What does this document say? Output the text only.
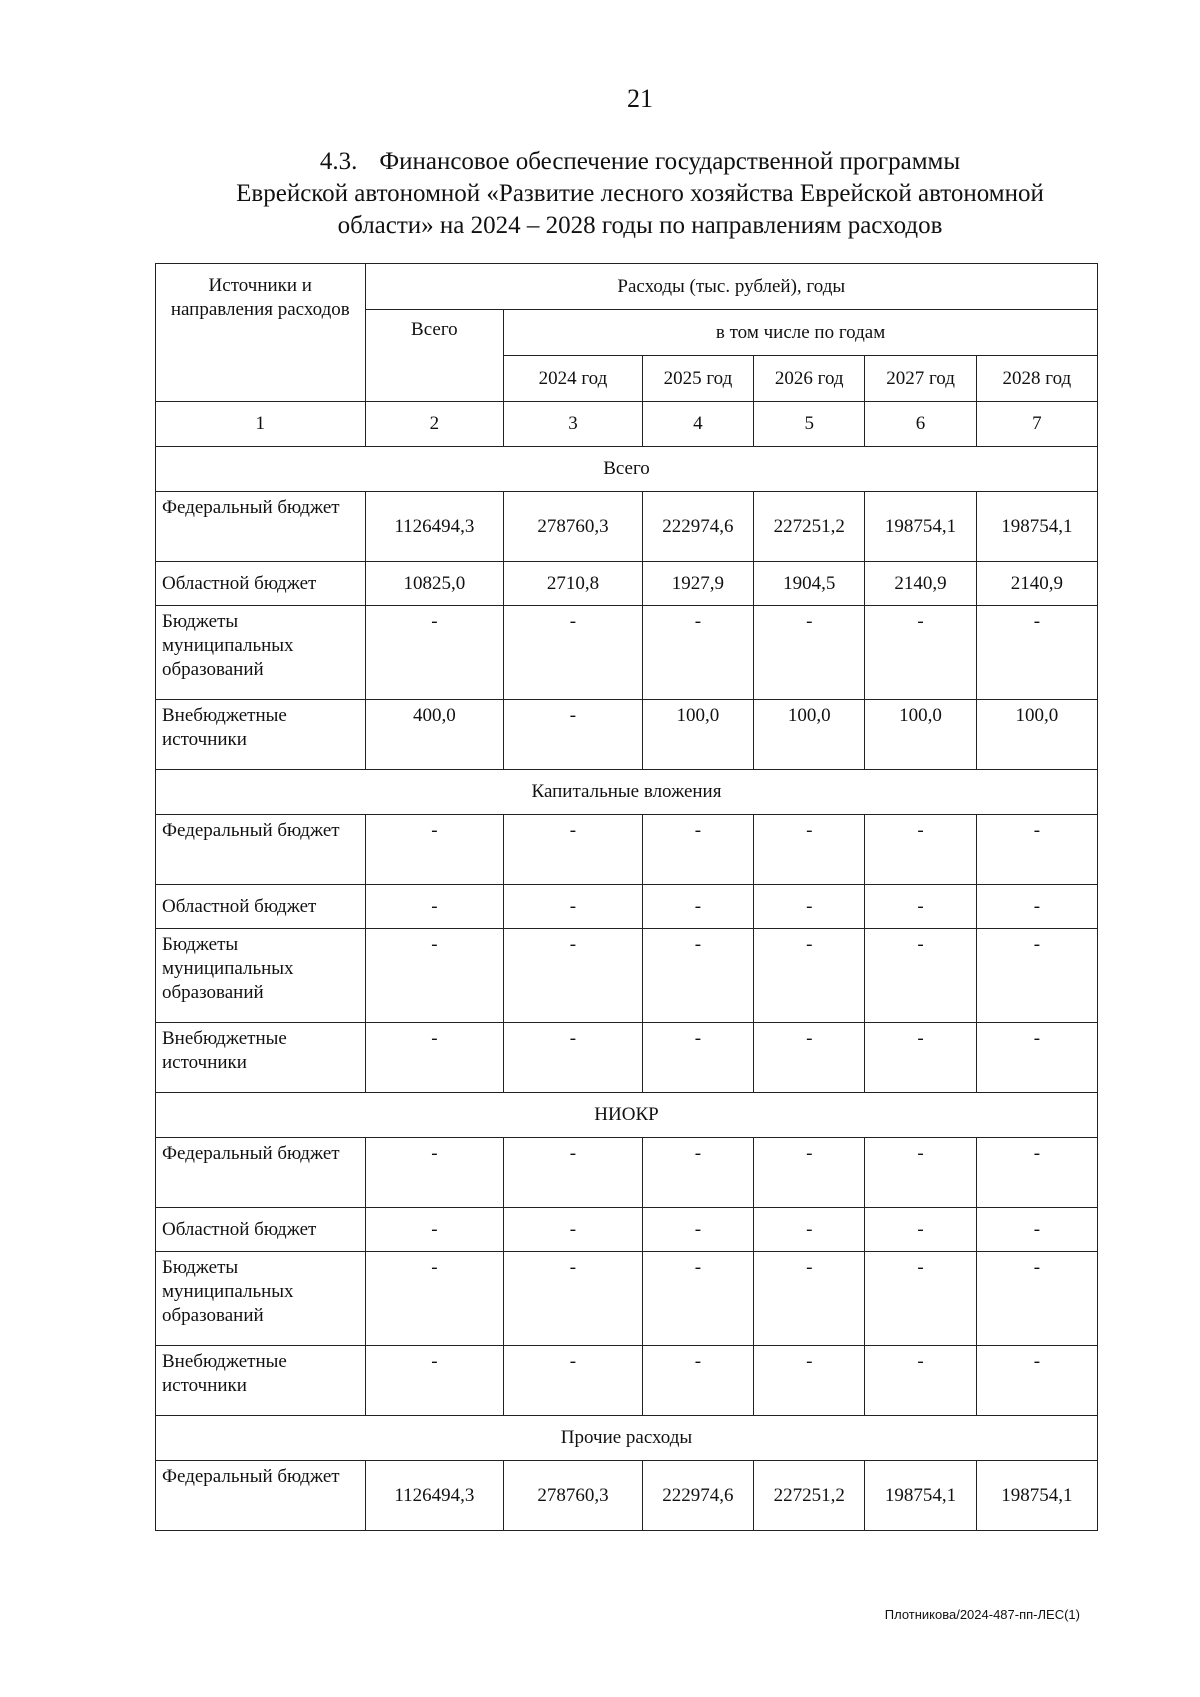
21
4.3. Финансовое обеспечение государственной программы
Еврейской автономной «Развитие лесного хозяйства Еврейской автономной
области» на 2024 – 2028 годы по направлениям расходов
Источники и направления расходов	Расходы (тыс. рублей), годы					
	Всего	в том числе по годам				
		2024 год	2025 год	2026 год	2027 год	2028 год
1	2	3	4	5	6	7
Всего						
Федеральный бюджет	1126494,3	278760,3	222974,6	227251,2	198754,1	198754,1
Областной бюджет	10825,0	2710,8	1927,9	1904,5	2140,9	2140,9
Бюджеты муниципальных образований	-	-	-	-	-	-
Внебюджетные источники	400,0	-	100,0	100,0	100,0	100,0
Капитальные вложения						
Федеральный бюджет	-	-	-	-	-	-
Областной бюджет	-	-	-	-	-	-
Бюджеты муниципальных образований	-	-	-	-	-	-
Внебюджетные источники	-	-	-	-	-	-
НИОКР						
Федеральный бюджет	-	-	-	-	-	-
Областной бюджет	-	-	-	-	-	-
Бюджеты муниципальных образований	-	-	-	-	-	-
Внебюджетные источники	-	-	-	-	-	-
Прочие расходы						
Федеральный бюджет	1126494,3	278760,3	222974,6	227251,2	198754,1	198754,1
Плотникова/2024-487-пп-ЛЕС(1)
